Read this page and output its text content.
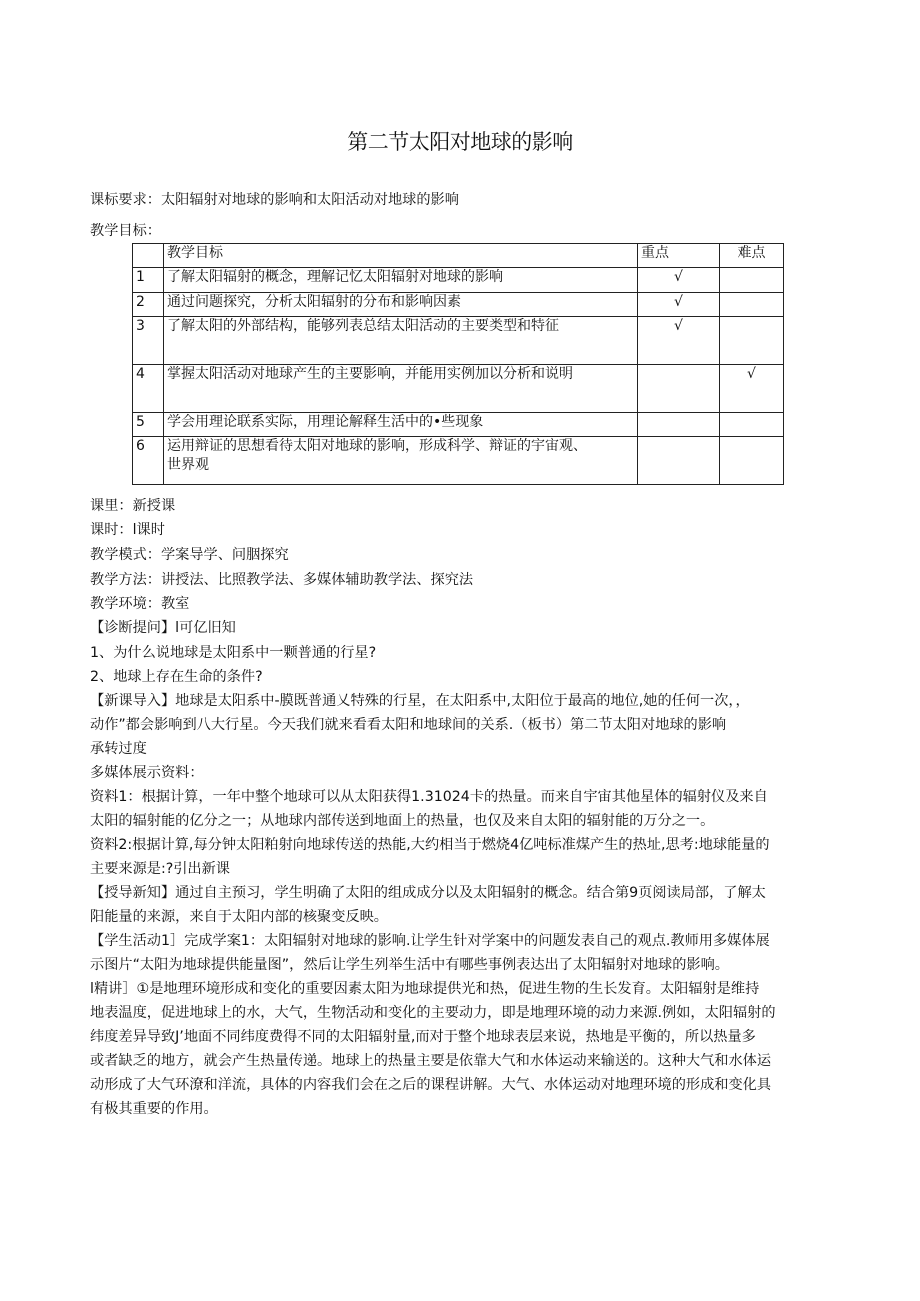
第二节太阳对地球的影响
课标要求：太阳辐射对地球的影响和太阳活动对地球的影响
教学目标：
	教学目标	重点	难点
1	了解太阳辐射的概念，理解记忆太阳辐射对地球的影响	√	
2	通过问题探究，分析太阳辐射的分布和影响因素	√	
3	了解太阳的外部结构，能够列表总结太阳活动的主要类型和特征	√	
4	掌握太阳活动对地球产生的主要影响，并能用实例加以分析和说明		√
5	学会用理论联系实际，用理论解释生活中的•些现象		
6	运用辩证的思想看待太阳对地球的影响，形成科学、辩证的宇宙观、
世界观		
课里：新授课
课时：l课时
教学模式：学案导学、问胭探究
教学方法：讲授法、比照教学法、多媒体辅助教学法、探究法
教学环境：教室
【诊断提问】l可亿旧知
1、为什么说地球是太阳系中一颗普通的行星?
2、地球上存在生命的条件?
【新课导入】地球是太阳系中-膜既普通乂特殊的行星，在太阳系中,太阳位于最高的地位,她的任何一次，，
动作”都会影响到八大行星。今天我们就来看看太阳和地球间的关系.（板书）第二节太阳对地球的影响
承转过度
多媒体展示资料：
资料1：根据计算，一年中整个地球可以从太阳获得1.31024卡的热量。而来自宇宙其他星体的辐射仪及来自
太阳的辐射能的亿分之一；从地球内部传送到地面上的热量，也仅及来自太阳的辐射能的万分之一。
资料2:根据计算,每分钟太阳粕射向地球传送的热能,大约相当于燃烧4亿吨标准煤产生的热址,思考:地球能量的
主要来源是:?引出新课
【授导新知】通过自主预习，学生明确了太阳的组成成分以及太阳辐射的概念。结合第9页阅读局部，了解太
阳能量的来源，来自于太阳内部的核聚变反映。
【学生活动1］完成学案1：太阳辐射对地球的影响.让学生针对学案中的问题发表自己的观点.教师用多媒体展
示图片“太阳为地球提供能量图”，然后让学生列举生活中有哪些事例表达出了太阳辐射对地球的影响。
l精讲］①是地理环境形成和变化的重要因素太阳为地球提供光和热，促进生物的生长发育。太阳辐射是维持
地表温度，促进地球上的水，大气，生物活动和变化的主要动力，即是地理环境的动力来源.例如，太阳辐射的
纬度差异导致J’地面不同纬度费得不同的太阳辐射量,而对于整个地球表层来说，热地是平衡的，所以热量多
或者缺乏的地方，就会产生热量传递。地球上的热量主要是依靠大气和水体运动来输送的。这种大气和水体运
动形成了大气环潦和洋流，具体的内容我们会在之后的课程讲解。大气、水体运动对地理环境的形成和变化具
有极其重要的作用。
